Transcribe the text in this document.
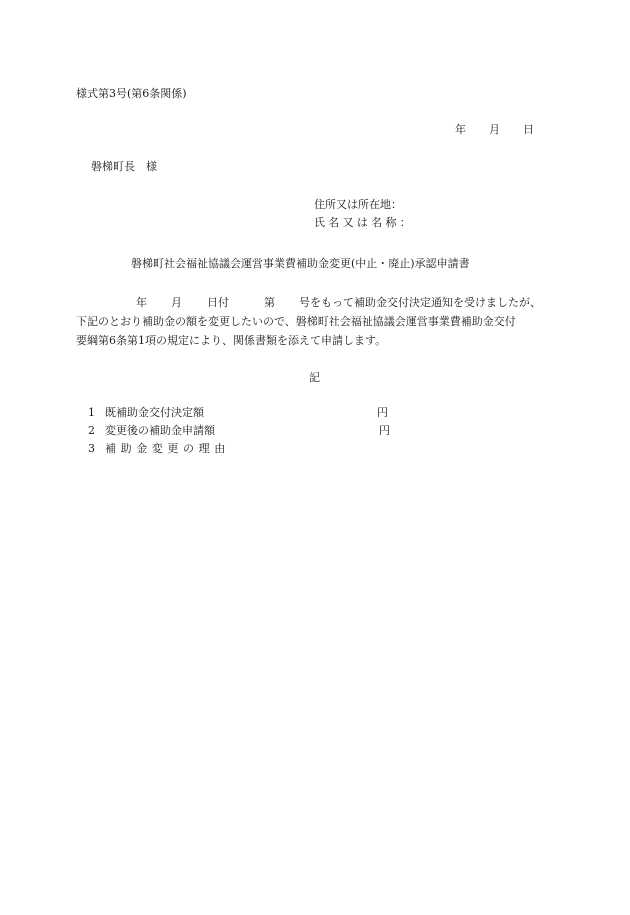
様式第3号(第6条関係)
年 月 日
磐梯町長 様
住所又は所在地：
氏名又は名称：
磐梯町社会福祉協議会運営事業費補助金変更(中止・廃止)承認申請書
年 月 日付	第 号をもって補助金交付決定通知を受けましたが、
下記のとおり補助金の額を変更したいので、磐梯町社会福祉協議会運営事業費補助金交付
要綱第6条第1項の規定により、関係書類を添えて申請します。
記
1 既補助金交付決定額	円
2 変更後の補助金申請額	円
3 補助金変更の理由
